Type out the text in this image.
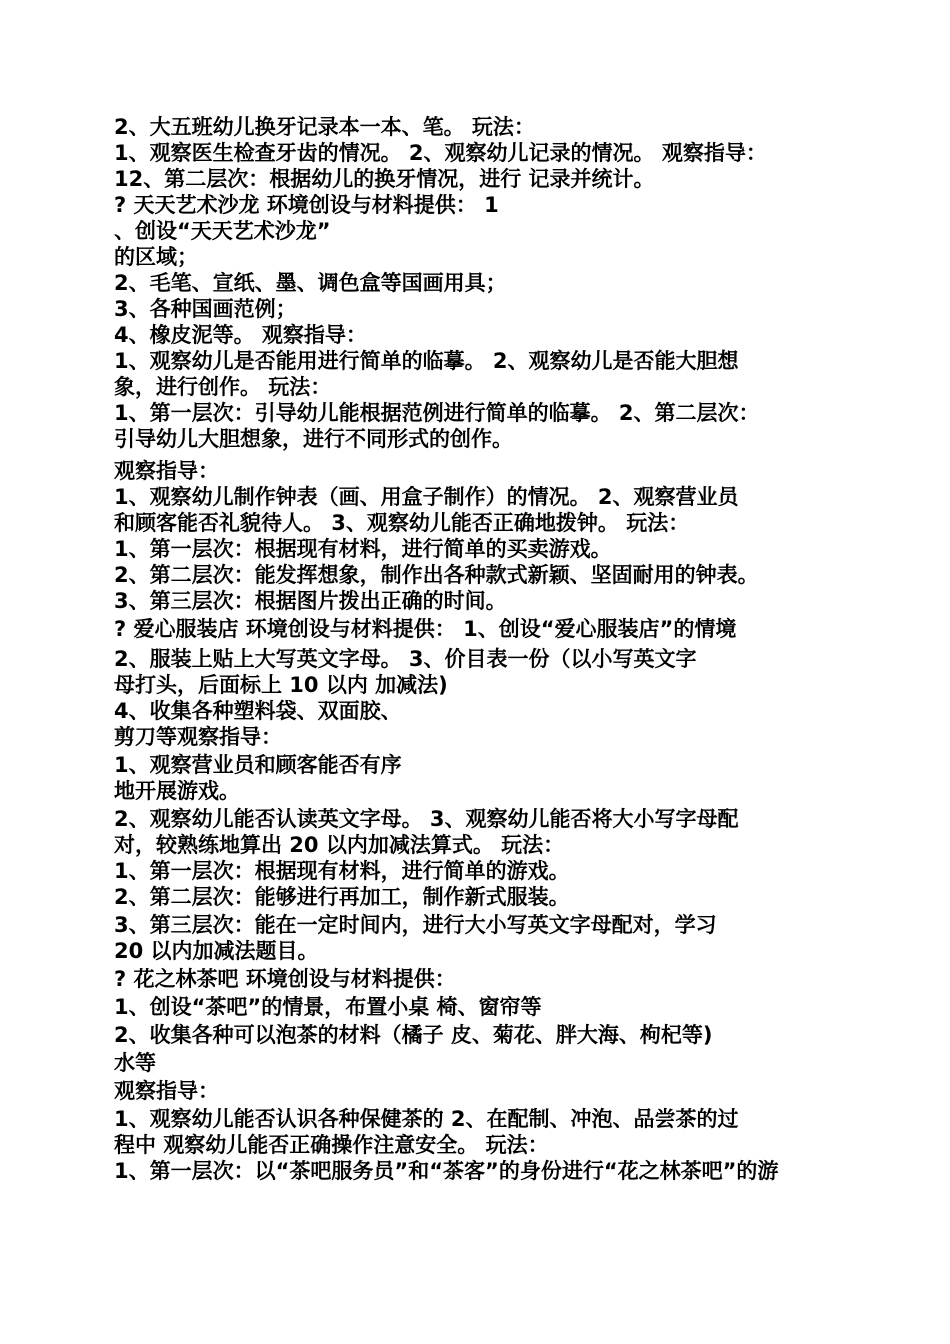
2、大五班幼儿换牙记录本一本、笔。 玩法：
1、观察医生检查牙齿的情况。 2、观察幼儿记录的情况。 观察指导：
12、第二层次：根据幼儿的换牙情况，进行 记录并统计。
? 天天艺术沙龙 环境创设与材料提供： 1
、创设“天天艺术沙龙”
的区域；
2、毛笔、宣纸、墨、调色盒等国画用具；
3、各种国画范例；
4、橡皮泥等。 观察指导：
1、观察幼儿是否能用进行简单的临摹。 2、观察幼儿是否能大胆想
象，进行创作。 玩法：
1、第一层次：引导幼儿能根据范例进行简单的临摹。 2、第二层次：
引导幼儿大胆想象，进行不同形式的创作。
观察指导：
1、观察幼儿制作钟表（画、用盒子制作）的情况。 2、观察营业员
和顾客能否礼貌待人。 3、观察幼儿能否正确地拨钟。 玩法：
1、第一层次：根据现有材料，进行简单的买卖游戏。
2、第二层次：能发挥想象，制作出各种款式新颖、坚固耐用的钟表。
3、第三层次：根据图片拨出正确的时间。
? 爱心服装店 环境创设与材料提供： 1、创设“爱心服装店”的情境
2、服装上贴上大写英文字母。 3、价目表一份（以小写英文字
母打头，后面标上 10 以内 加减法)
4、收集各种塑料袋、双面胶、
剪刀等观察指导：
1、观察营业员和顾客能否有序
地开展游戏。
2、观察幼儿能否认读英文字母。 3、观察幼儿能否将大小写字母配
对，较熟练地算出 20 以内加减法算式。 玩法：
1、第一层次：根据现有材料，进行简单的游戏。
2、第二层次：能够进行再加工，制作新式服装。
3、第三层次：能在一定时间内，进行大小写英文字母配对，学习
20 以内加减法题目。
? 花之林茶吧 环境创设与材料提供：
1、创设“茶吧”的情景，布置小桌 椅、窗帘等
2、收集各种可以泡茶的材料（橘子 皮、菊花、胖大海、枸杞等)
水等
观察指导：
1、观察幼儿能否认识各种保健茶的 2、在配制、冲泡、品尝茶的过
程中 观察幼儿能否正确操作注意安全。 玩法：
1、第一层次：以“茶吧服务员”和“茶客”的身份进行“花之林茶吧”的游
